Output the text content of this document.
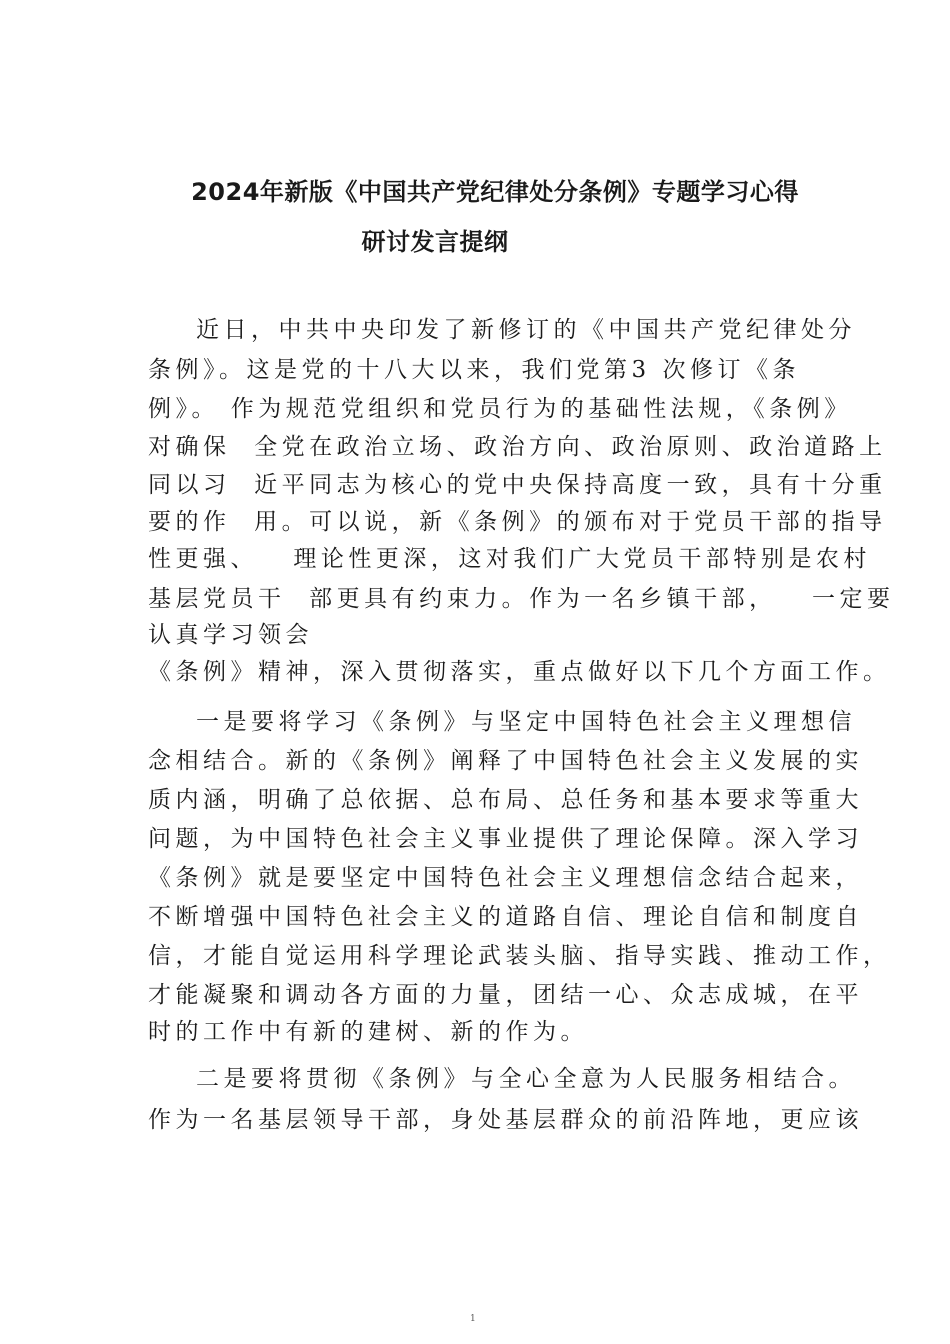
2024年新版《中国共产党纪律处分条例》专题学习心得
研讨发言提纲
近日，中共中央印发了新修订的《中国共产党纪律处分
条例》。这是党的十八大以来，我们党第3 次修订《条
例》。 作为规范党组织和党员行为的基础性法规，《条例》
对确保  全党在政治立场、政治方向、政治原则、政治道路上
同以习  近平同志为核心的党中央保持高度一致，具有十分重
要的作  用。可以说，新《条例》的颁布对于党员干部的指导
性更强、   理论性更深，这对我们广大党员干部特别是农村
基层党员干  部更具有约束力。作为一名乡镇干部，   一定要
认真学习领会
《条例》精神，深入贯彻落实，重点做好以下几个方面工作。
一是要将学习《条例》与坚定中国特色社会主义理想信
念相结合。新的《条例》阐释了中国特色社会主义发展的实
质内涵，明确了总依据、总布局、总任务和基本要求等重大
问题，为中国特色社会主义事业提供了理论保障。深入学习
《条例》就是要坚定中国特色社会主义理想信念结合起来，
不断增强中国特色社会主义的道路自信、理论自信和制度自
信，才能自觉运用科学理论武装头脑、指导实践、推动工作，
才能凝聚和调动各方面的力量，团结一心、众志成城，在平
时的工作中有新的建树、新的作为。
二是要将贯彻《条例》与全心全意为人民服务相结合。
作为一名基层领导干部，身处基层群众的前沿阵地，更应该
1
